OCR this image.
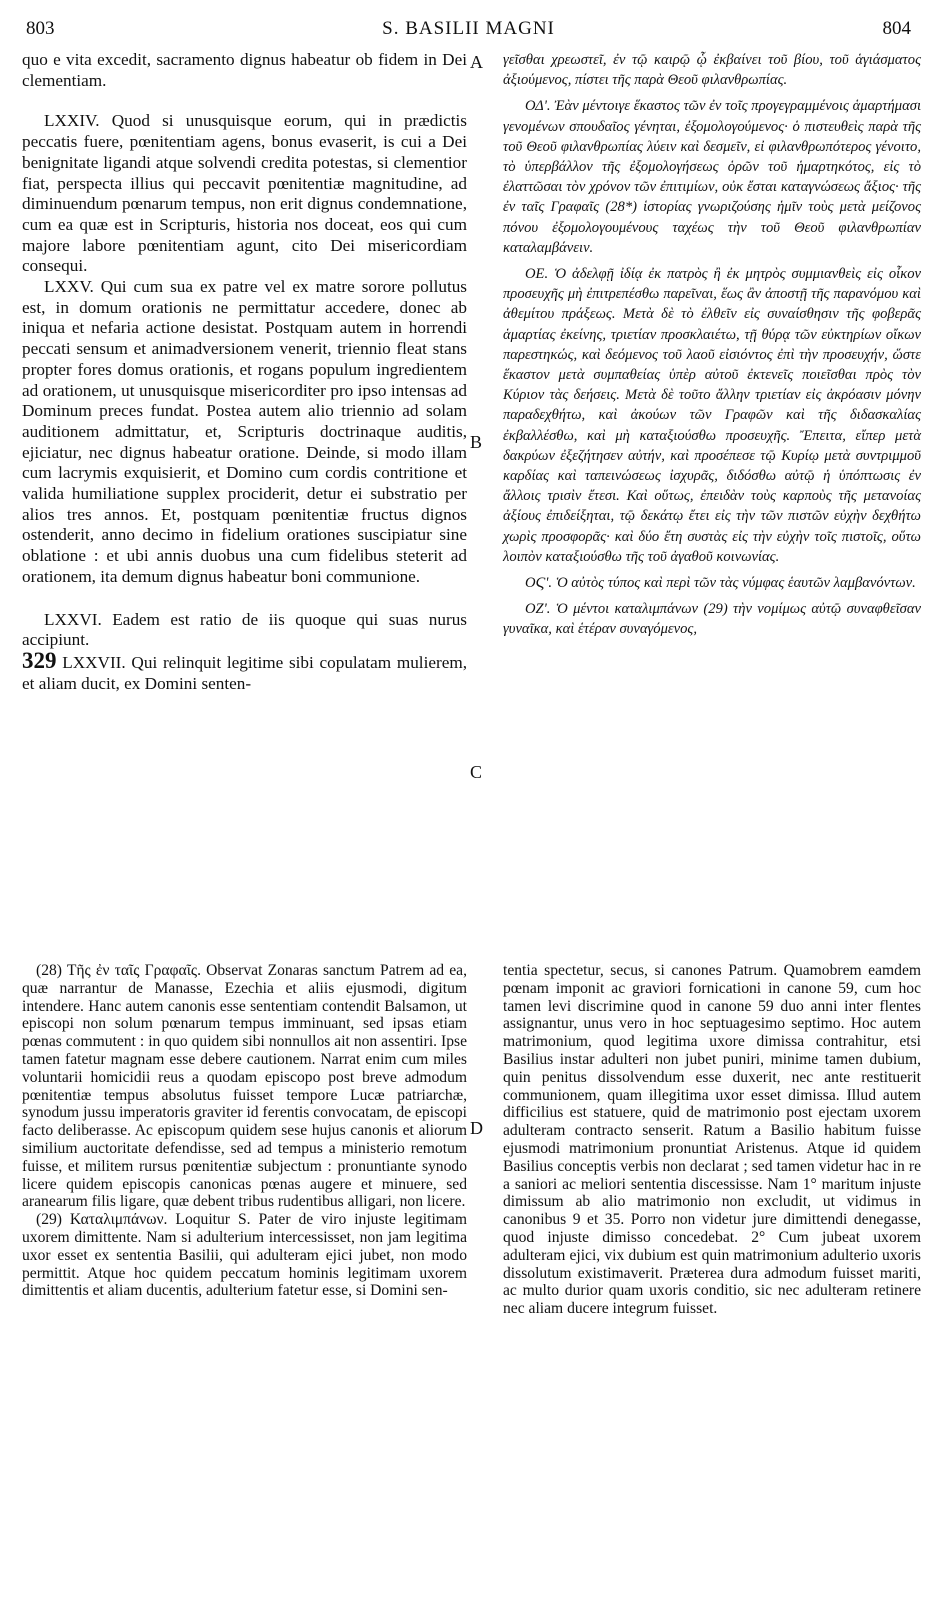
803	S. BASILII MAGNI	804
A
B
C
D

quo e vita excedit, sacramento dignus habeatur ob fidem in Dei clementiam.

LXXIV. Quod si unusquisque eorum, qui in prædictis peccatis fuere, pœnitentiam agens, bonus evaserit, is cui a Dei benignitate ligandi atque solvendi credita potestas, si clementior fiat, perspecta illius qui peccavit pœnitentiæ magnitudine, ad diminuendum pœnarum tempus, non erit dignus condemnatione, cum ea quæ est in Scripturis, historia nos doceat, eos qui cum majore labore pœnitentiam agunt, cito Dei misericordiam consequi.

LXXV. Qui cum sua ex patre vel ex matre sorore pollutus est, in domum orationis ne permittatur accedere, donec ab iniqua et nefaria actione desistat. Postquam autem in horrendi peccati sensum et animadversionem venerit, triennio fleat stans propter fores domus orationis, et rogans populum ingredientem ad orationem, ut unusquisque misericorditer pro ipso intensas ad Dominum preces fundat. Postea autem alio triennio ad solam auditionem admittatur, et, Scripturis doctrinaque auditis, ejiciatur, nec dignus habeatur oratione. Deinde, si modo illam cum lacrymis exquisierit, et Domino cum cordis contritione et valida humiliatione supplex prociderit, detur ei substratio per alios tres annos. Et, postquam pœnitentiæ fructus dignos ostenderit, anno decimo in fidelium orationes suscipiatur sine oblatione : et ubi annis duobus una cum fidelibus steterit ad orationem, ita demum dignus habeatur boni communione.

LXXVI. Eadem est ratio de iis quoque qui suas nurus accipiunt.

329 LXXVII. Qui relinquit legitime sibi copulatam mulierem, et aliam ducit, ex Domini senten-

γεῖσθαι χρεωστεῖ, ἐν τῷ καιρῷ ᾧ ἐκβαίνει τοῦ βίου, τοῦ ἁγιάσματος ἀξιούμενος, πίστει τῆς παρὰ Θεοῦ φιλανθρωπίας.

ΟΔʹ. Ἐὰν μέντοιγε ἕκαστος τῶν ἐν τοῖς προγεγραμμένοις ἁμαρτήμασι γενομένων σπουδαῖος γένηται, ἐξομολογούμενος· ὁ πιστευθεὶς παρὰ τῆς τοῦ Θεοῦ φιλανθρωπίας λύειν καὶ δεσμεῖν, εἰ φιλανθρωπότερος γένοιτο, τὸ ὑπερβάλλον τῆς ἐξομολογήσεως ὁρῶν τοῦ ἡμαρτηκότος, εἰς τὸ ἐλαττῶσαι τὸν χρόνον τῶν ἐπιτιμίων, οὐκ ἔσται καταγνώσεως ἄξιος· τῆς ἐν ταῖς Γραφαῖς (28*) ἱστορίας γνωριζούσης ἡμῖν τοὺς μετὰ μείζονος πόνου ἐξομολογουμένους ταχέως τὴν τοῦ Θεοῦ φιλανθρωπίαν καταλαμβάνειν.

ΟΕ. Ὁ ἀδελφῇ ἰδίᾳ ἐκ πατρὸς ἢ ἐκ μητρὸς συμμιανθεὶς εἰς οἶκον προσευχῆς μὴ ἐπιτρεπέσθω παρεῖναι, ἕως ἂν ἀποστῇ τῆς παρανόμου καὶ ἀθεμίτου πράξεως. Μετὰ δὲ τὸ ἐλθεῖν εἰς συναίσθησιν τῆς φοβερᾶς ἁμαρτίας ἐκείνης, τριετίαν προσκλαιέτω, τῇ θύρᾳ τῶν εὐκτηρίων οἴκων παρεστηκώς, καὶ δεόμενος τοῦ λαοῦ εἰσιόντος ἐπὶ τὴν προσευχήν, ὥστε ἕκαστον μετὰ συμπαθείας ὑπὲρ αὐτοῦ ἐκτενεῖς ποιεῖσθαι πρὸς τὸν Κύριον τὰς δεήσεις. Μετὰ δὲ τοῦτο ἄλλην τριετίαν εἰς ἀκρόασιν μόνην παραδεχθήτω, καὶ ἀκούων τῶν Γραφῶν καὶ τῆς διδασκαλίας ἐκβαλλέσθω, καὶ μὴ καταξιούσθω προσευχῆς. Ἔπειτα, εἴπερ μετὰ δακρύων ἐξεζήτησεν αὐτήν, καὶ προσέπεσε τῷ Κυρίῳ μετὰ συντριμμοῦ καρδίας καὶ ταπεινώσεως ἰσχυρᾶς, διδόσθω αὐτῷ ἡ ὑπόπτωσις ἐν ἄλλοις τρισὶν ἔτεσι. Καὶ οὕτως, ἐπειδὰν τοὺς καρποὺς τῆς μετανοίας ἀξίους ἐπιδείξηται, τῷ δεκάτῳ ἔτει εἰς τὴν τῶν πιστῶν εὐχὴν δεχθήτω χωρὶς προσφορᾶς· καὶ δύο ἔτη συστὰς εἰς τὴν εὐχὴν τοῖς πιστοῖς, οὕτω λοιπὸν καταξιούσθω τῆς τοῦ ἀγαθοῦ κοινωνίας.

ΟϚʹ. Ὁ αὐτὸς τύπος καὶ περὶ τῶν τὰς νύμφας ἑαυτῶν λαμβανόντων.

ΟΖʹ. Ὁ μέντοι καταλιμπάνων (29) τὴν νομίμως αὐτῷ συναφθεῖσαν γυναῖκα, καὶ ἑτέραν συναγόμενος,

(28) Τῆς ἐν ταῖς Γραφαῖς. Observat Zonaras sanctum Patrem ad ea, quæ narrantur de Manasse, Ezechia et aliis ejusmodi, digitum intendere. Hanc autem canonis esse sententiam contendit Balsamon, ut episcopi non solum pœnarum tempus imminuant, sed ipsas etiam pœnas commutent : in quo quidem sibi nonnullos ait non assentiri. Ipse tamen fatetur magnam esse debere cautionem. Narrat enim cum miles voluntarii homicidii reus a quodam episcopo post breve admodum pœnitentiæ tempus absolutus fuisset tempore Lucæ patriarchæ, synodum jussu imperatoris graviter id ferentis convocatam, de episcopi facto deliberasse. Ac episcopum quidem sese hujus canonis et aliorum similium auctoritate defendisse, sed ad tempus a ministerio remotum fuisse, et militem rursus pœnitentiæ subjectum : pronuntiante synodo licere quidem episcopis canonicas pœnas augere et minuere, sed aranearum filis ligare, quæ debent tribus rudentibus alligari, non licere.

(29) Καταλιμπάνων. Loquitur S. Pater de viro injuste legitimam uxorem dimittente. Nam si adulterium intercessisset, non jam legitima uxor esset ex sententia Basilii, qui adulteram ejici jubet, non modo permittit. Atque hoc quidem peccatum hominis legitimam uxorem dimittentis et aliam ducentis, adulterium fatetur esse, si Domini sen-

tentia spectetur, secus, si canones Patrum. Quamobrem eamdem pœnam imponit ac graviori fornicationi in canone 59, cum hoc tamen levi discrimine quod in canone 59 duo anni inter flentes assignantur, unus vero in hoc septuagesimo septimo. Hoc autem matrimonium, quod legitima uxore dimissa contrahitur, etsi Basilius instar adulteri non jubet puniri, minime tamen dubium, quin penitus dissolvendum esse duxerit, nec ante restituerit communionem, quam illegitima uxor esset dimissa. Illud autem difficilius est statuere, quid de matrimonio post ejectam uxorem adulteram contracto senserit. Ratum a Basilio habitum fuisse ejusmodi matrimonium pronuntiat Aristenus. Atque id quidem Basilius conceptis verbis non declarat ; sed tamen videtur hac in re a saniori ac meliori sententia discessisse. Nam 1° maritum injuste dimissum ab alio matrimonio non excludit, ut vidimus in canonibus 9 et 35. Porro non videtur jure dimittendi denegasse, quod injuste dimisso concedebat. 2° Cum jubeat uxorem adulteram ejici, vix dubium est quin matrimonium adulterio uxoris dissolutum existimaverit. Præterea dura admodum fuisset mariti, ac multo durior quam uxoris conditio, sic nec adulteram retinere nec aliam ducere integrum fuisset.
